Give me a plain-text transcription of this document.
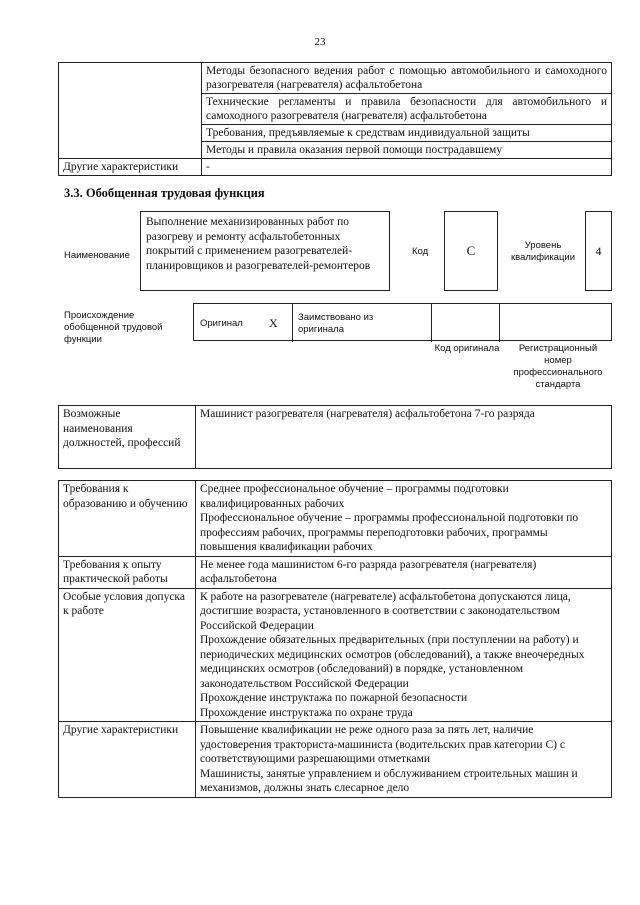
23
	Методы безопасного ведения работ с помощью автомобильного и самоходного разогревателя (нагревателя) асфальтобетона
	Технические регламенты и правила безопасности для автомобильного и самоходного разогревателя (нагревателя) асфальтобетона
	Требования, предъявляемые к средствам индивидуальной защиты
	Методы и правила оказания первой помощи пострадавшему
Другие характеристики	-
3.3. Обобщенная трудовая функция
Наименование
Выполнение механизированных работ по разогреву и ремонту асфальтобетонных покрытий с применением разогревателей-планировщиков и разогревателей-ремонтеров
Код	C	Уровень квалификации	4
Происхождение обобщенной трудовой функции
Оригинал X Заимствовано из оригинала
Код оригинала	Регистрационный номер профессионального стандарта
Возможные наименования должностей, профессий	Машинист разогревателя (нагревателя) асфальтобетона 7-го разряда
Требования к образованию и обучению	Среднее профессиональное обучение – программы подготовки квалифицированных рабочих

Профессиональное обучение – программы профессиональной подготовки по профессиям рабочих, программы переподготовки рабочих, программы повышения квалификации рабочих

Требования к опыту практической работы	Не менее года машинистом 6-го разряда разогревателя (нагревателя) асфальтобетона

Особые условия допуска к работе	К работе на разогревателе (нагревателе) асфальтобетона допускаются лица, достигшие возраста, установленного в соответствии с законодательством Российской Федерации

Прохождение обязательных предварительных (при поступлении на работу) и периодических медицинских осмотров (обследований), а также внеочередных медицинских осмотров (обследований) в порядке, установленном законодательством Российской Федерации

Прохождение инструктажа по пожарной безопасности

Прохождение инструктажа по охране труда

Другие характеристики	Повышение квалификации не реже одного раза за пять лет, наличие удостоверения тракториста-машиниста (водительских прав категории C) с соответствующими разрешающими отметками

Машинисты, занятые управлением и обслуживанием строительных машин и механизмов, должны знать слесарное дело
